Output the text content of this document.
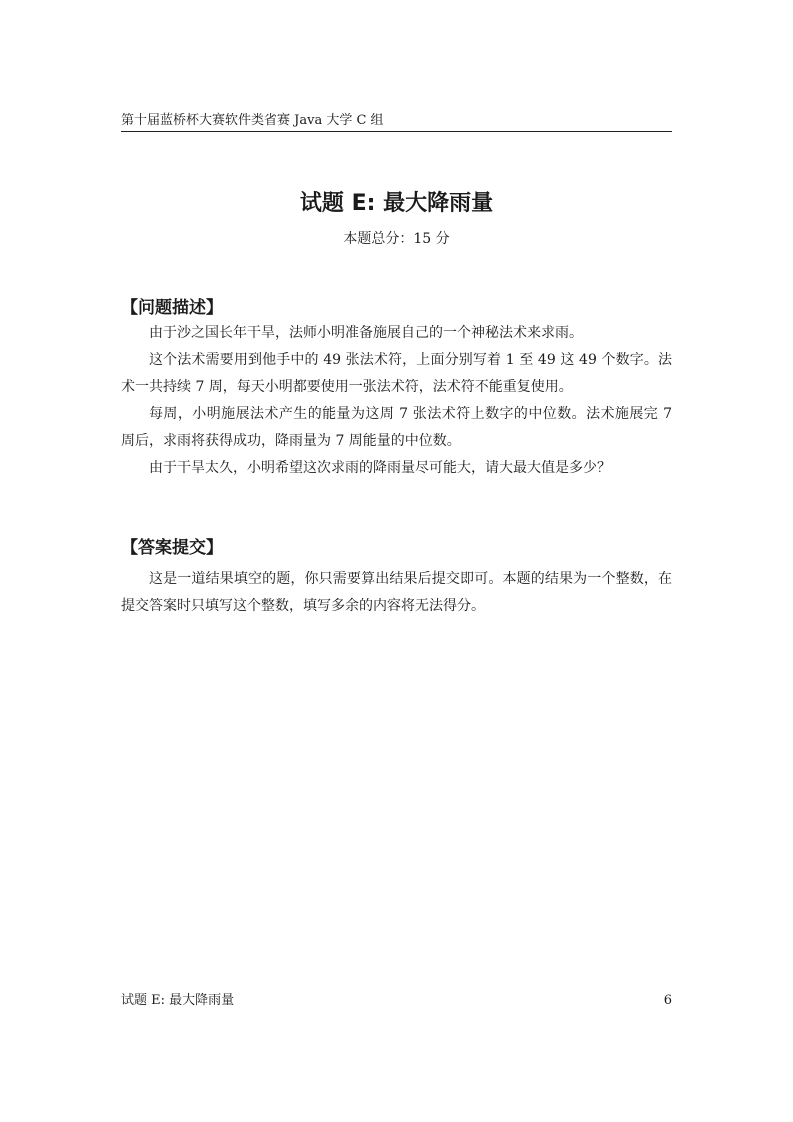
第十届蓝桥杯大赛软件类省赛 Java 大学 C 组
试题 E: 最大降雨量
本题总分：15 分
【问题描述】

由于沙之国长年干旱，法师小明准备施展自己的一个神秘法术来求雨。

这个法术需要用到他手中的 49 张法术符，上面分别写着 1 至 49 这 49 个数字。法术一共持续 7 周，每天小明都要使用一张法术符，法术符不能重复使用。

每周，小明施展法术产生的能量为这周 7 张法术符上数字的中位数。法术施展完 7 周后，求雨将获得成功，降雨量为 7 周能量的中位数。

由于干旱太久，小明希望这次求雨的降雨量尽可能大，请大最大值是多少？

【答案提交】

这是一道结果填空的题，你只需要算出结果后提交即可。本题的结果为一个整数，在提交答案时只填写这个整数，填写多余的内容将无法得分。

试题 E: 最大降雨量	6
